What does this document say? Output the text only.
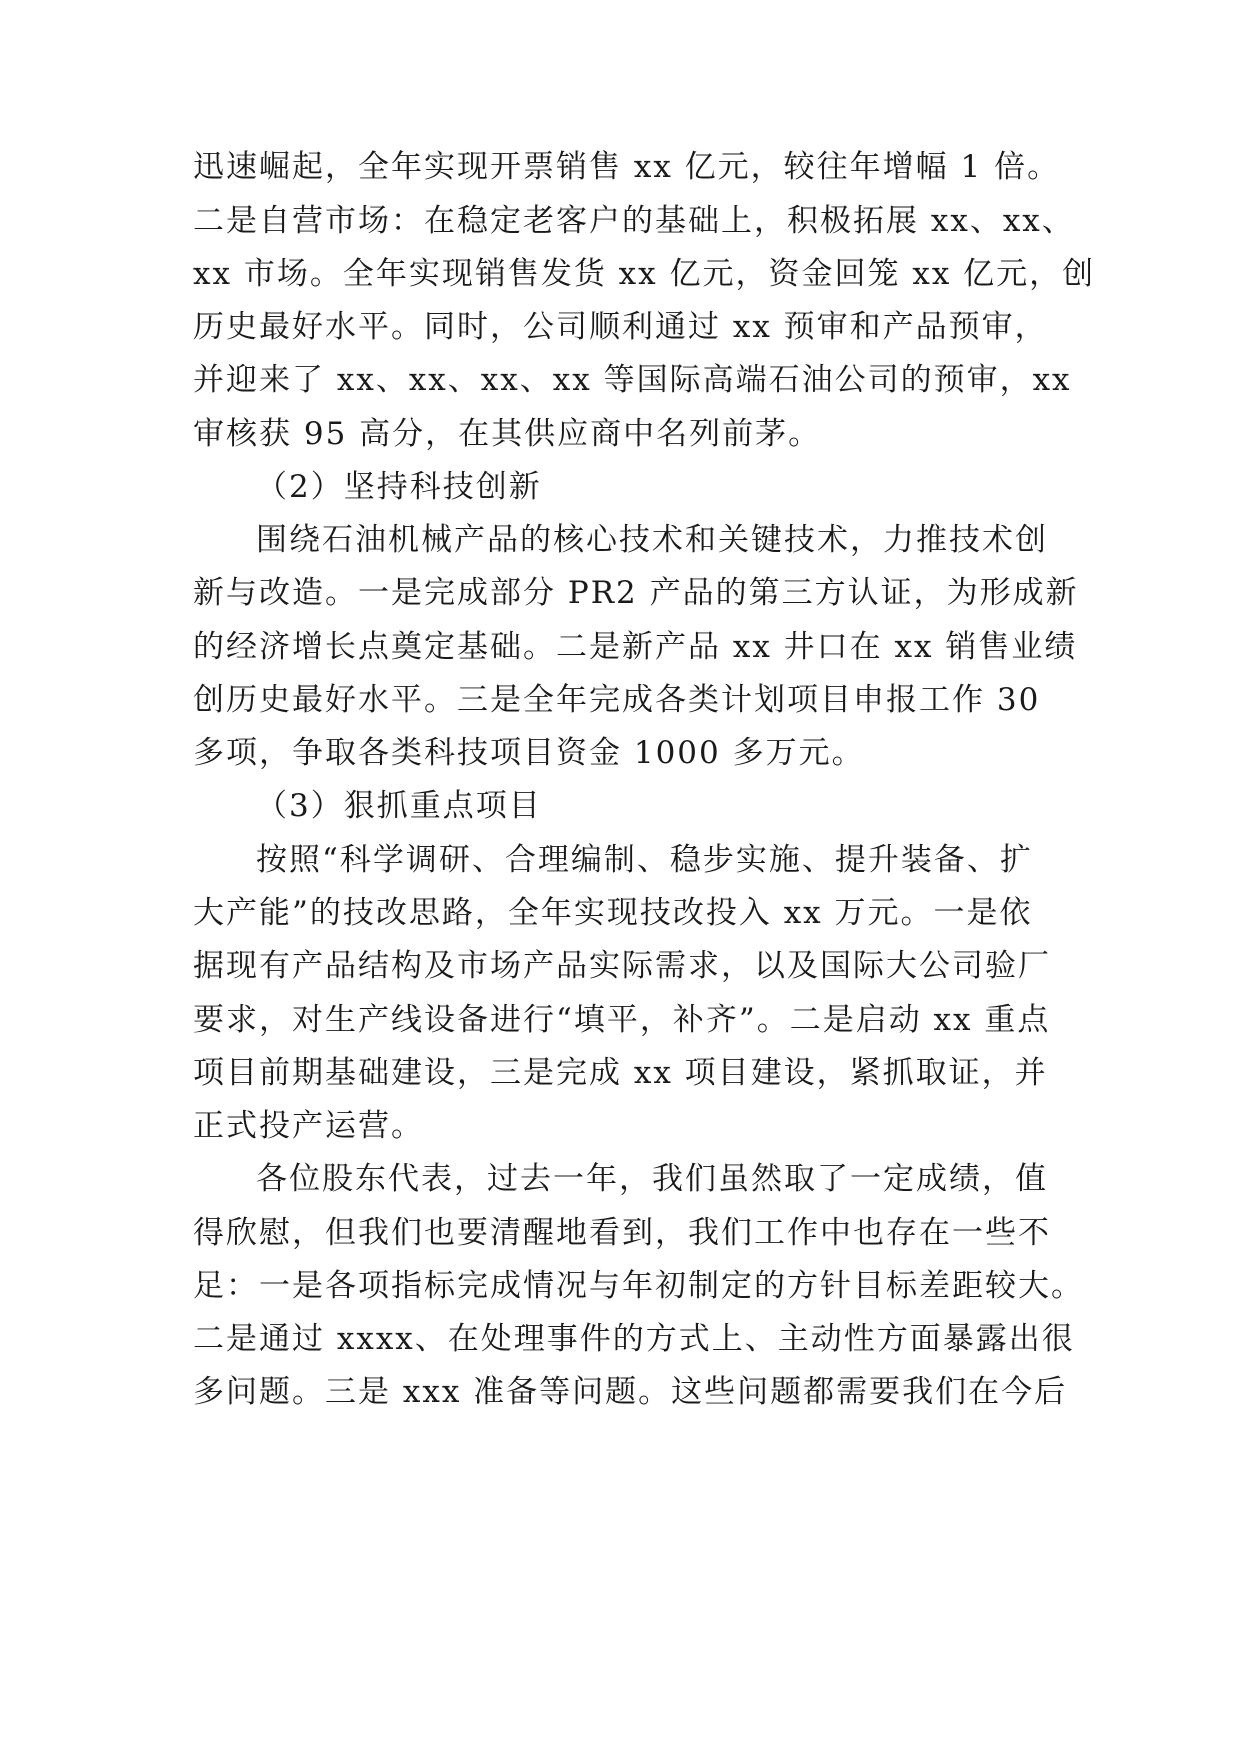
迅速崛起，全年实现开票销售 xx 亿元，较往年增幅 1 倍。
二是自营市场：在稳定老客户的基础上，积极拓展 xx、xx、
xx 市场。全年实现销售发货 xx 亿元，资金回笼 xx 亿元，创
历史最好水平。同时，公司顺利通过 xx 预审和产品预审，
并迎来了 xx、xx、xx、xx 等国际高端石油公司的预审，xx
审核获 95 高分，在其供应商中名列前茅。
（2）坚持科技创新
围绕石油机械产品的核心技术和关键技术，力推技术创
新与改造。一是完成部分 PR2 产品的第三方认证，为形成新
的经济增长点奠定基础。二是新产品 xx 井口在 xx 销售业绩
创历史最好水平。三是全年完成各类计划项目申报工作 30
多项，争取各类科技项目资金 1000 多万元。
（3）狠抓重点项目
按照“科学调研、合理编制、稳步实施、提升装备、扩
大产能”的技改思路，全年实现技改投入 xx 万元。一是依
据现有产品结构及市场产品实际需求，以及国际大公司验厂
要求，对生产线设备进行“填平，补齐”。二是启动 xx 重点
项目前期基础建设，三是完成 xx 项目建设，紧抓取证，并
正式投产运营。
各位股东代表，过去一年，我们虽然取了一定成绩，值
得欣慰，但我们也要清醒地看到，我们工作中也存在一些不
足：一是各项指标完成情况与年初制定的方针目标差距较大。
二是通过 xxxx、在处理事件的方式上、主动性方面暴露出很
多问题。三是 xxx 准备等问题。这些问题都需要我们在今后
